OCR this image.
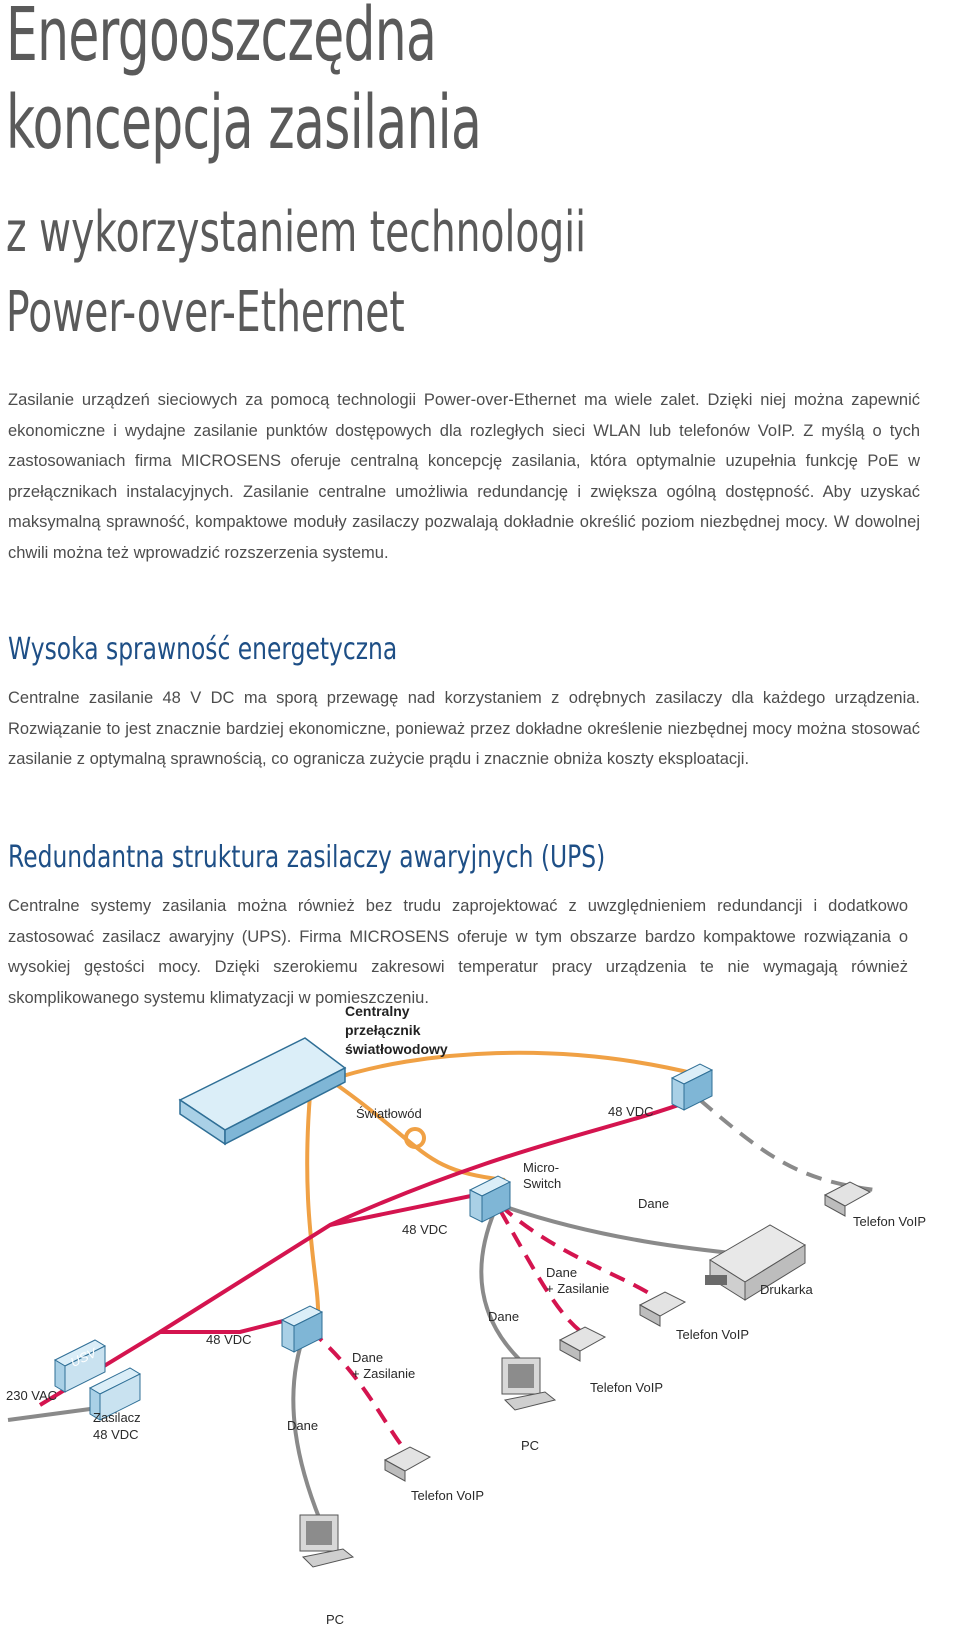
Energooszczędna
koncepcja zasilania
z wykorzystaniem technologii
Power-over-Ethernet

Zasilanie urządzeń sieciowych za pomocą technologii Power-over-Ethernet ma wiele zalet. Dzięki niej można zapewnić ekonomiczne i wydajne zasilanie punktów dostępowych dla rozległych sieci WLAN lub telefonów VoIP. Z myślą o tych zastosowaniach firma MICROSENS oferuje centralną koncepcję zasilania, która optymalnie uzupełnia funkcję PoE w przełącznikach instalacyjnych. Zasilanie centralne umożliwia redundancję i zwiększa ogólną dostępność. Aby uzyskać maksymalną sprawność, kompaktowe moduły zasilaczy pozwalają dokładnie określić poziom niezbędnej mocy. W dowolnej chwili można też wprowadzić rozszerzenia systemu.

Wysoka sprawność energetyczna

Centralne zasilanie 48 V DC ma sporą przewagę nad korzystaniem z odrębnych zasilaczy dla każdego urządzenia. Rozwiązanie to jest znacznie bardziej ekonomiczne, ponieważ przez dokładne określenie niezbędnej mocy można stosować zasilanie z optymalną sprawnością, co ogranicza zużycie prądu i znacznie obniża koszty eksploatacji.

Redundantna struktura zasilaczy awaryjnych (UPS)

Centralne systemy zasilania można również bez trudu zaprojektować z uwzględnieniem redundancji i dodatkowo zastosować zasilacz awaryjny (UPS). Firma MICROSENS oferuje w tym obszarze bardzo kompaktowe rozwiązania o wysokiej gęstości mocy. Dzięki szerokiemu zakresowi temperatur pracy urządzenia te nie wymagają również skomplikowanego systemu klimatyzacji w pomieszczeniu.

Centralny
przełącznik
światłowodowy
Światłowód	48 VDC
Micro-
Switch
Dane
Telefon VoIP
48 VDC
Dane
+ Zasilanie	Drukarka
Dane
Telefon VoIP
48 VDC
Dane
+ Zasilanie
Telefon VoIP
230 VAC
USV
Zasilacz
48 VDC
Dane
PC
Telefon VoIP
PC
